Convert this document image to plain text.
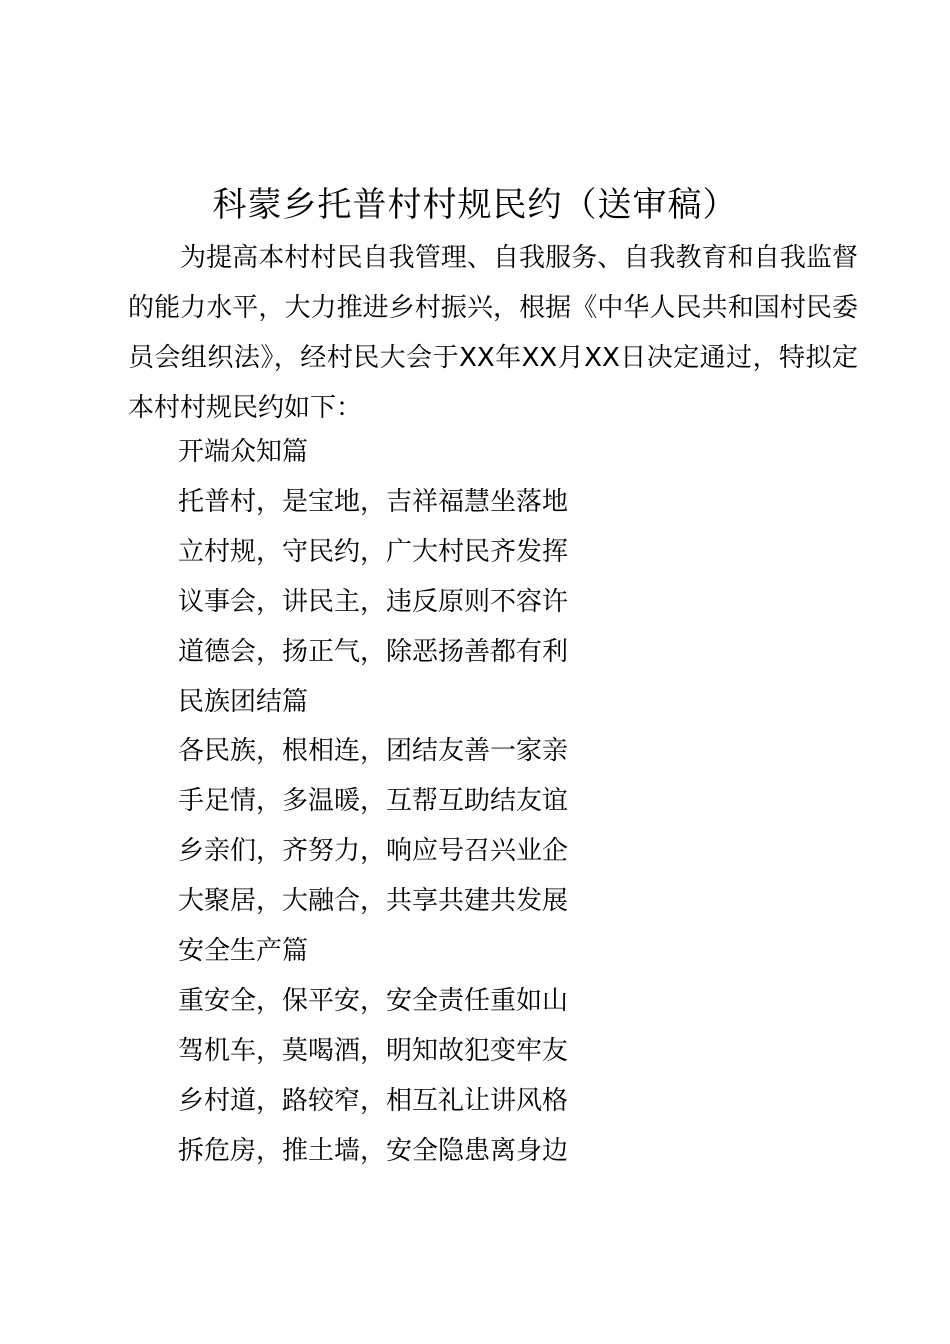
科蒙乡托普村村规民约（送审稿）
为提高本村村民自我管理、自我服务、自我教育和自我监督的能力水平，大力推进乡村振兴，根据《中华人民共和国村民委员会组织法》，经村民大会于XX年XX月XX日决定通过，特拟定本村村规民约如下：
开端众知篇
托普村，是宝地，吉祥福慧坐落地
立村规，守民约，广大村民齐发挥
议事会，讲民主，违反原则不容许
道德会，扬正气，除恶扬善都有利
民族团结篇
各民族，根相连，团结友善一家亲
手足情，多温暖，互帮互助结友谊
乡亲们，齐努力，响应号召兴业企
大聚居，大融合，共享共建共发展
安全生产篇
重安全，保平安，安全责任重如山
驾机车，莫喝酒，明知故犯变牢友
乡村道，路较窄，相互礼让讲风格
拆危房，推土墙，安全隐患离身边
